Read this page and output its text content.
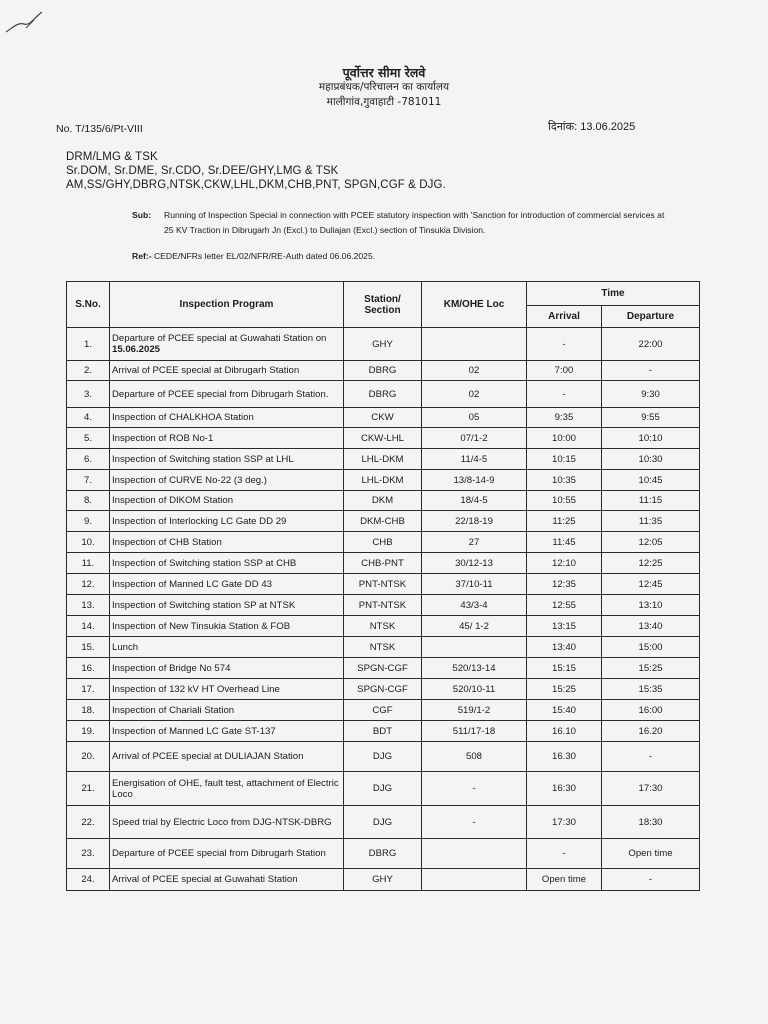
पूर्वोत्तर सीमा रेलवे
महाप्रबंधक/परिचालन का कार्यालय
मालीगांव,गुवाहाटी -781011
No. T/135/6/Pt-VIII	दिनांक: 13.06.2025
DRM/LMG & TSK
Sr.DOM, Sr.DME, Sr.CDO, Sr.DEE/GHY,LMG & TSK
AM,SS/GHY,DBRG,NTSK,CKW,LHL,DKM,CHB,PNT, SPGN,CGF & DJG.
Sub:	Running of Inspection Special in connection with PCEE statutory inspection with 'Sanction for introduction of commercial services at 25 KV Traction in Dibrugarh Jn (Excl.) to Duliajan (Excl.) section of Tinsukia Division.
Ref:- CEDE/NFRs letter EL/02/NFR/RE-Auth dated 06.06.2025.
S.No.	Inspection Program	Station/ Section	KM/OHE Loc	Time	
				Arrival	Departure
1.	Departure of PCEE special at Guwahati Station on 15.06.2025	GHY		-	22:00
2.	Arrival of PCEE special at Dibrugarh Station	DBRG	02	7:00	-
3.	Departure of PCEE special from Dibrugarh Station.	DBRG	02	-	9:30
4.	Inspection of CHALKHOA Station	CKW	05	9:35	9:55
5.	Inspection of ROB No-1	CKW-LHL	07/1-2	10:00	10:10
6.	Inspection of Switching station SSP at LHL	LHL-DKM	11/4-5	10:15	10:30
7.	Inspection of CURVE No-22 (3 deg.)	LHL-DKM	13/8-14-9	10:35	10:45
8.	Inspection of DIKOM Station	DKM	18/4-5	10:55	11:15
9.	Inspection of Interlocking LC Gate DD 29	DKM-CHB	22/18-19	11:25	11:35
10.	Inspection of CHB Station	CHB	27	11:45	12:05
11.	Inspection of Switching station SSP at CHB	CHB-PNT	30/12-13	12:10	12:25
12.	Inspection of Manned LC Gate DD 43	PNT-NTSK	37/10-11	12:35	12:45
13.	Inspection of Switching station SP at NTSK	PNT-NTSK	43/3-4	12:55	13:10
14.	Inspection of New Tinsukia Station & FOB	NTSK	45/ 1-2	13:15	13:40
15.	Lunch	NTSK		13:40	15:00
16.	Inspection of Bridge No 574	SPGN-CGF	520/13-14	15:15	15:25
17.	Inspection of 132 kV HT Overhead Line	SPGN-CGF	520/10-11	15:25	15:35
18.	Inspection of Chariali Station	CGF	519/1-2	15:40	16:00
19.	Inspection of Manned LC Gate ST-137	BDT	511/17-18	16.10	16.20
20.	Arrival of PCEE special at DULIAJAN Station	DJG	508	16.30	-
21.	Energisation of OHE, fault test, attachment of Electric Loco	DJG	-	16:30	17:30
22.	Speed trial by Electric Loco from DJG-NTSK-DBRG	DJG	-	17:30	18:30
23.	Departure of PCEE special from Dibrugarh Station	DBRG		-	Open time
24.	Arrival of PCEE special at Guwahati Station	GHY		Open time	-
